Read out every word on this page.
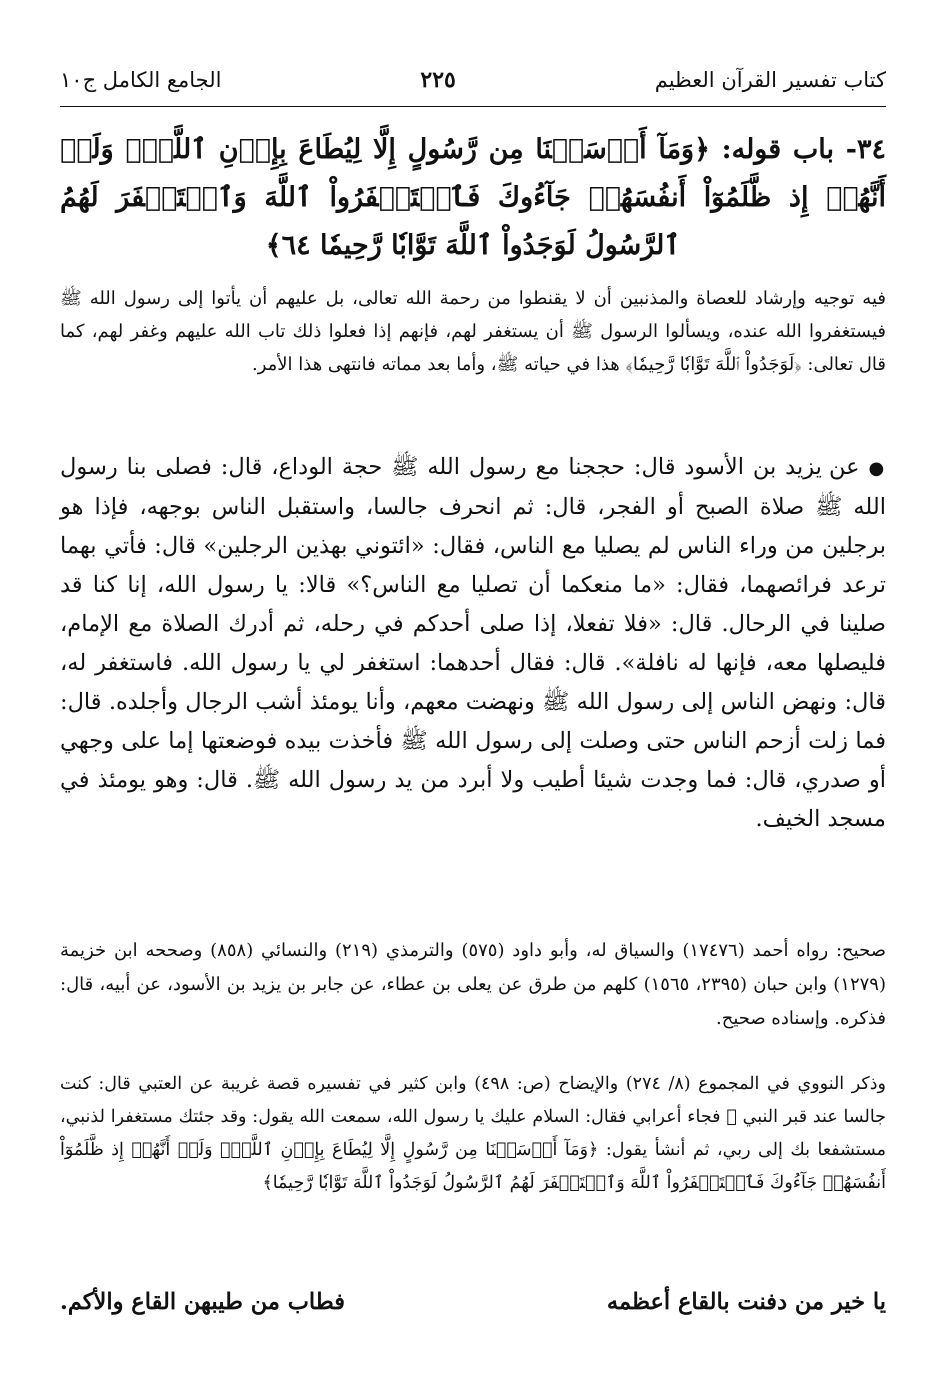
كتاب تفسير القرآن العظيم
٢٢٥
الجامع الكامل ج١٠
٣٤- باب قوله: ﴿وَمَآ أَرۡسَلۡنَا مِن رَّسُولٍ إِلَّا لِيُطَاعَ بِإِذۡنِ ٱللَّهِۚ وَلَوۡ أَنَّهُمۡ إِذ ظَّلَمُوٓاْ أَنفُسَهُمۡ جَآءُوكَ فَٱسۡتَغۡفَرُواْ ٱللَّهَ وَٱسۡتَغۡفَرَ لَهُمُ ٱلرَّسُولُ لَوَجَدُواْ ٱللَّهَ تَوَّابٗا رَّحِيمٗا ٦٤﴾

فيه توجيه وإرشاد للعصاة والمذنبين أن لا يقنطوا من رحمة الله تعالى، بل عليهم أن يأتوا إلى رسول الله ﷺ فيستغفروا الله عنده، ويسألوا الرسول ﷺ أن يستغفر لهم، فإنهم إذا فعلوا ذلك تاب الله عليهم وغفر لهم، كما قال تعالى: ﴿لَوَجَدُواْ ٱللَّهَ تَوَّابٗا رَّحِيمٗا﴾ هذا في حياته ﷺ، وأما بعد مماته فانتهى هذا الأمر.

● عن يزيد بن الأسود قال: حججنا مع رسول الله ﷺ حجة الوداع، قال: فصلى بنا رسول الله ﷺ صلاة الصبح أو الفجر، قال: ثم انحرف جالسا، واستقبل الناس بوجهه، فإذا هو برجلين من وراء الناس لم يصليا مع الناس، فقال: «ائتوني بهذين الرجلين» قال: فأتي بهما ترعد فرائصهما، فقال: «ما منعكما أن تصليا مع الناس؟» قالا: يا رسول الله، إنا كنا قد صلينا في الرحال. قال: «فلا تفعلا، إذا صلى أحدكم في رحله، ثم أدرك الصلاة مع الإمام، فليصلها معه، فإنها له نافلة». قال: فقال أحدهما: استغفر لي يا رسول الله. فاستغفر له، قال: ونهض الناس إلى رسول الله ﷺ ونهضت معهم، وأنا يومئذ أشب الرجال وأجلده. قال: فما زلت أزحم الناس حتى وصلت إلى رسول الله ﷺ فأخذت بيده فوضعتها إما على وجهي أو صدري، قال: فما وجدت شيئا أطيب ولا أبرد من يد رسول الله ﷺ. قال: وهو يومئذ في مسجد الخيف.

صحيح: رواه أحمد (١٧٤٧٦) والسياق له، وأبو داود (٥٧٥) والترمذي (٢١٩) والنسائي (٨٥٨) وصححه ابن خزيمة (١٢٧٩) وابن حبان (٢٣٩٥، ١٥٦٥) كلهم من طرق عن يعلى بن عطاء، عن جابر بن يزيد بن الأسود، عن أبيه، قال: فذكره. وإسناده صحيح.

وذكر النووي في المجموع (٨/ ٢٧٤) والإيضاح (ص: ٤٩٨) وابن كثير في تفسيره قصة غريبة عن العتبي قال: كنت جالسا عند قبر النبي ﷺ فجاء أعرابي فقال: السلام عليك يا رسول الله، سمعت الله يقول: وقد جئتك مستغفرا لذنبي، مستشفعا بك إلى ربي، ثم أنشأ يقول: ﴿وَمَآ أَرۡسَلۡنَا مِن رَّسُولٍ إِلَّا لِيُطَاعَ بِإِذۡنِ ٱللَّهِۚ وَلَوۡ أَنَّهُمۡ إِذ ظَّلَمُوٓاْ أَنفُسَهُمۡ جَآءُوكَ فَٱسۡتَغۡفَرُواْ ٱللَّهَ وَٱسۡتَغۡفَرَ لَهُمُ ٱلرَّسُولُ لَوَجَدُواْ ٱللَّهَ تَوَّابٗا رَّحِيمٗا﴾

يا خير من دفنت بالقاع أعظمه
فطاب من طيبهن القاع والأكم.
